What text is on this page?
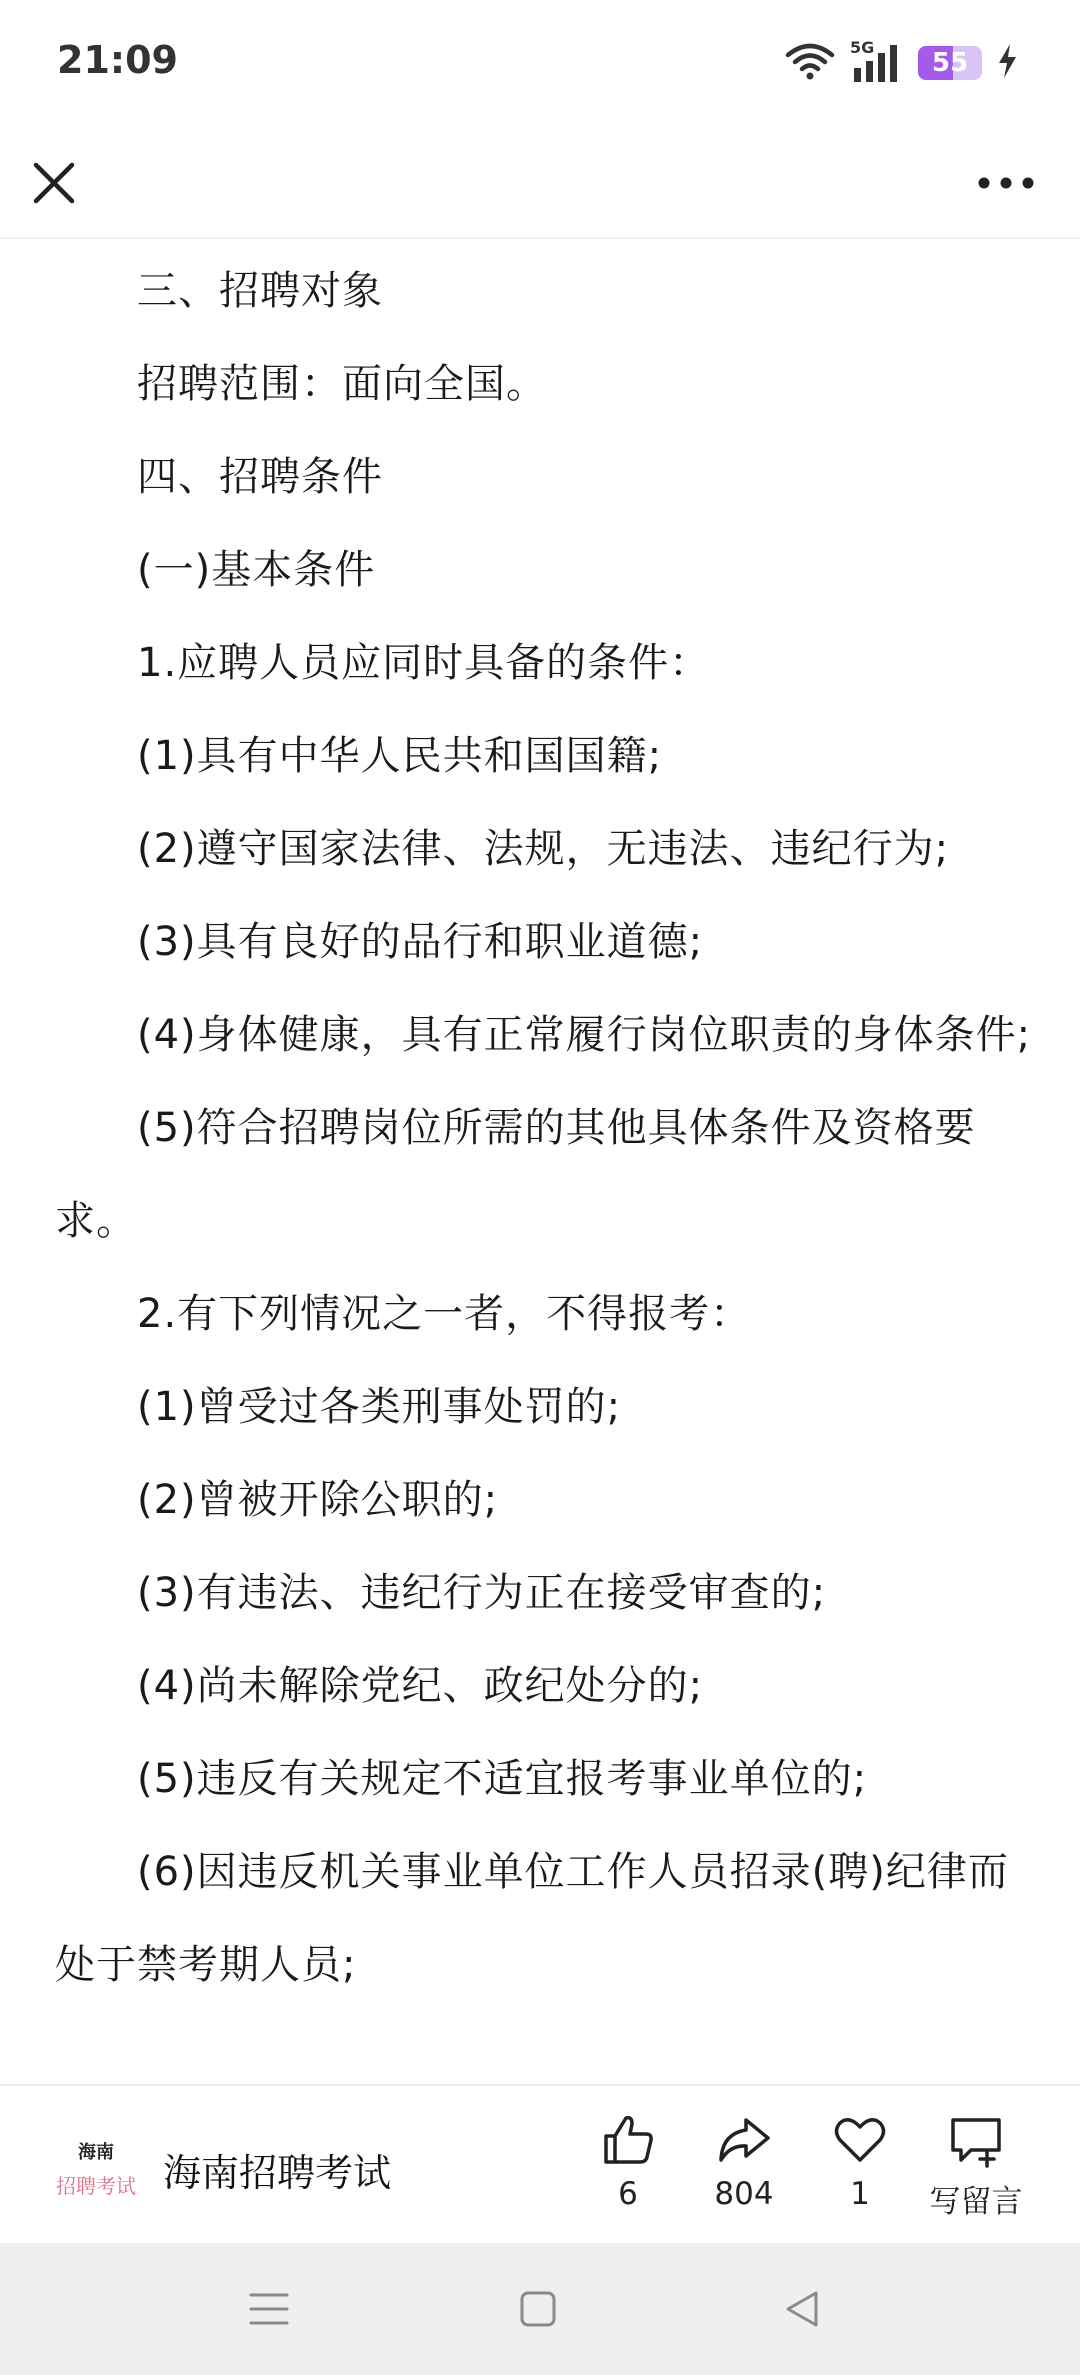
21:09	5G
55

三、招聘对象

招聘范围：面向全国。

四、招聘条件

(一)基本条件

1.应聘人员应同时具备的条件：

(1)具有中华人民共和国国籍;

(2)遵守国家法律、法规，无违法、违纪行为;

(3)具有良好的品行和职业道德;

(4)身体健康，具有正常履行岗位职责的身体条件;

(5)符合招聘岗位所需的其他具体条件及资格要求。

2.有下列情况之一者，不得报考：

(1)曾受过各类刑事处罚的;

(2)曾被开除公职的;

(3)有违法、违纪行为正在接受审查的;

(4)尚未解除党纪、政纪处分的;

(5)违反有关规定不适宜报考事业单位的;

(6)因违反机关事业单位工作人员招录(聘)纪律而处于禁考期人员;

海南
招聘考试 海南招聘考试	6	804	1	写留言
